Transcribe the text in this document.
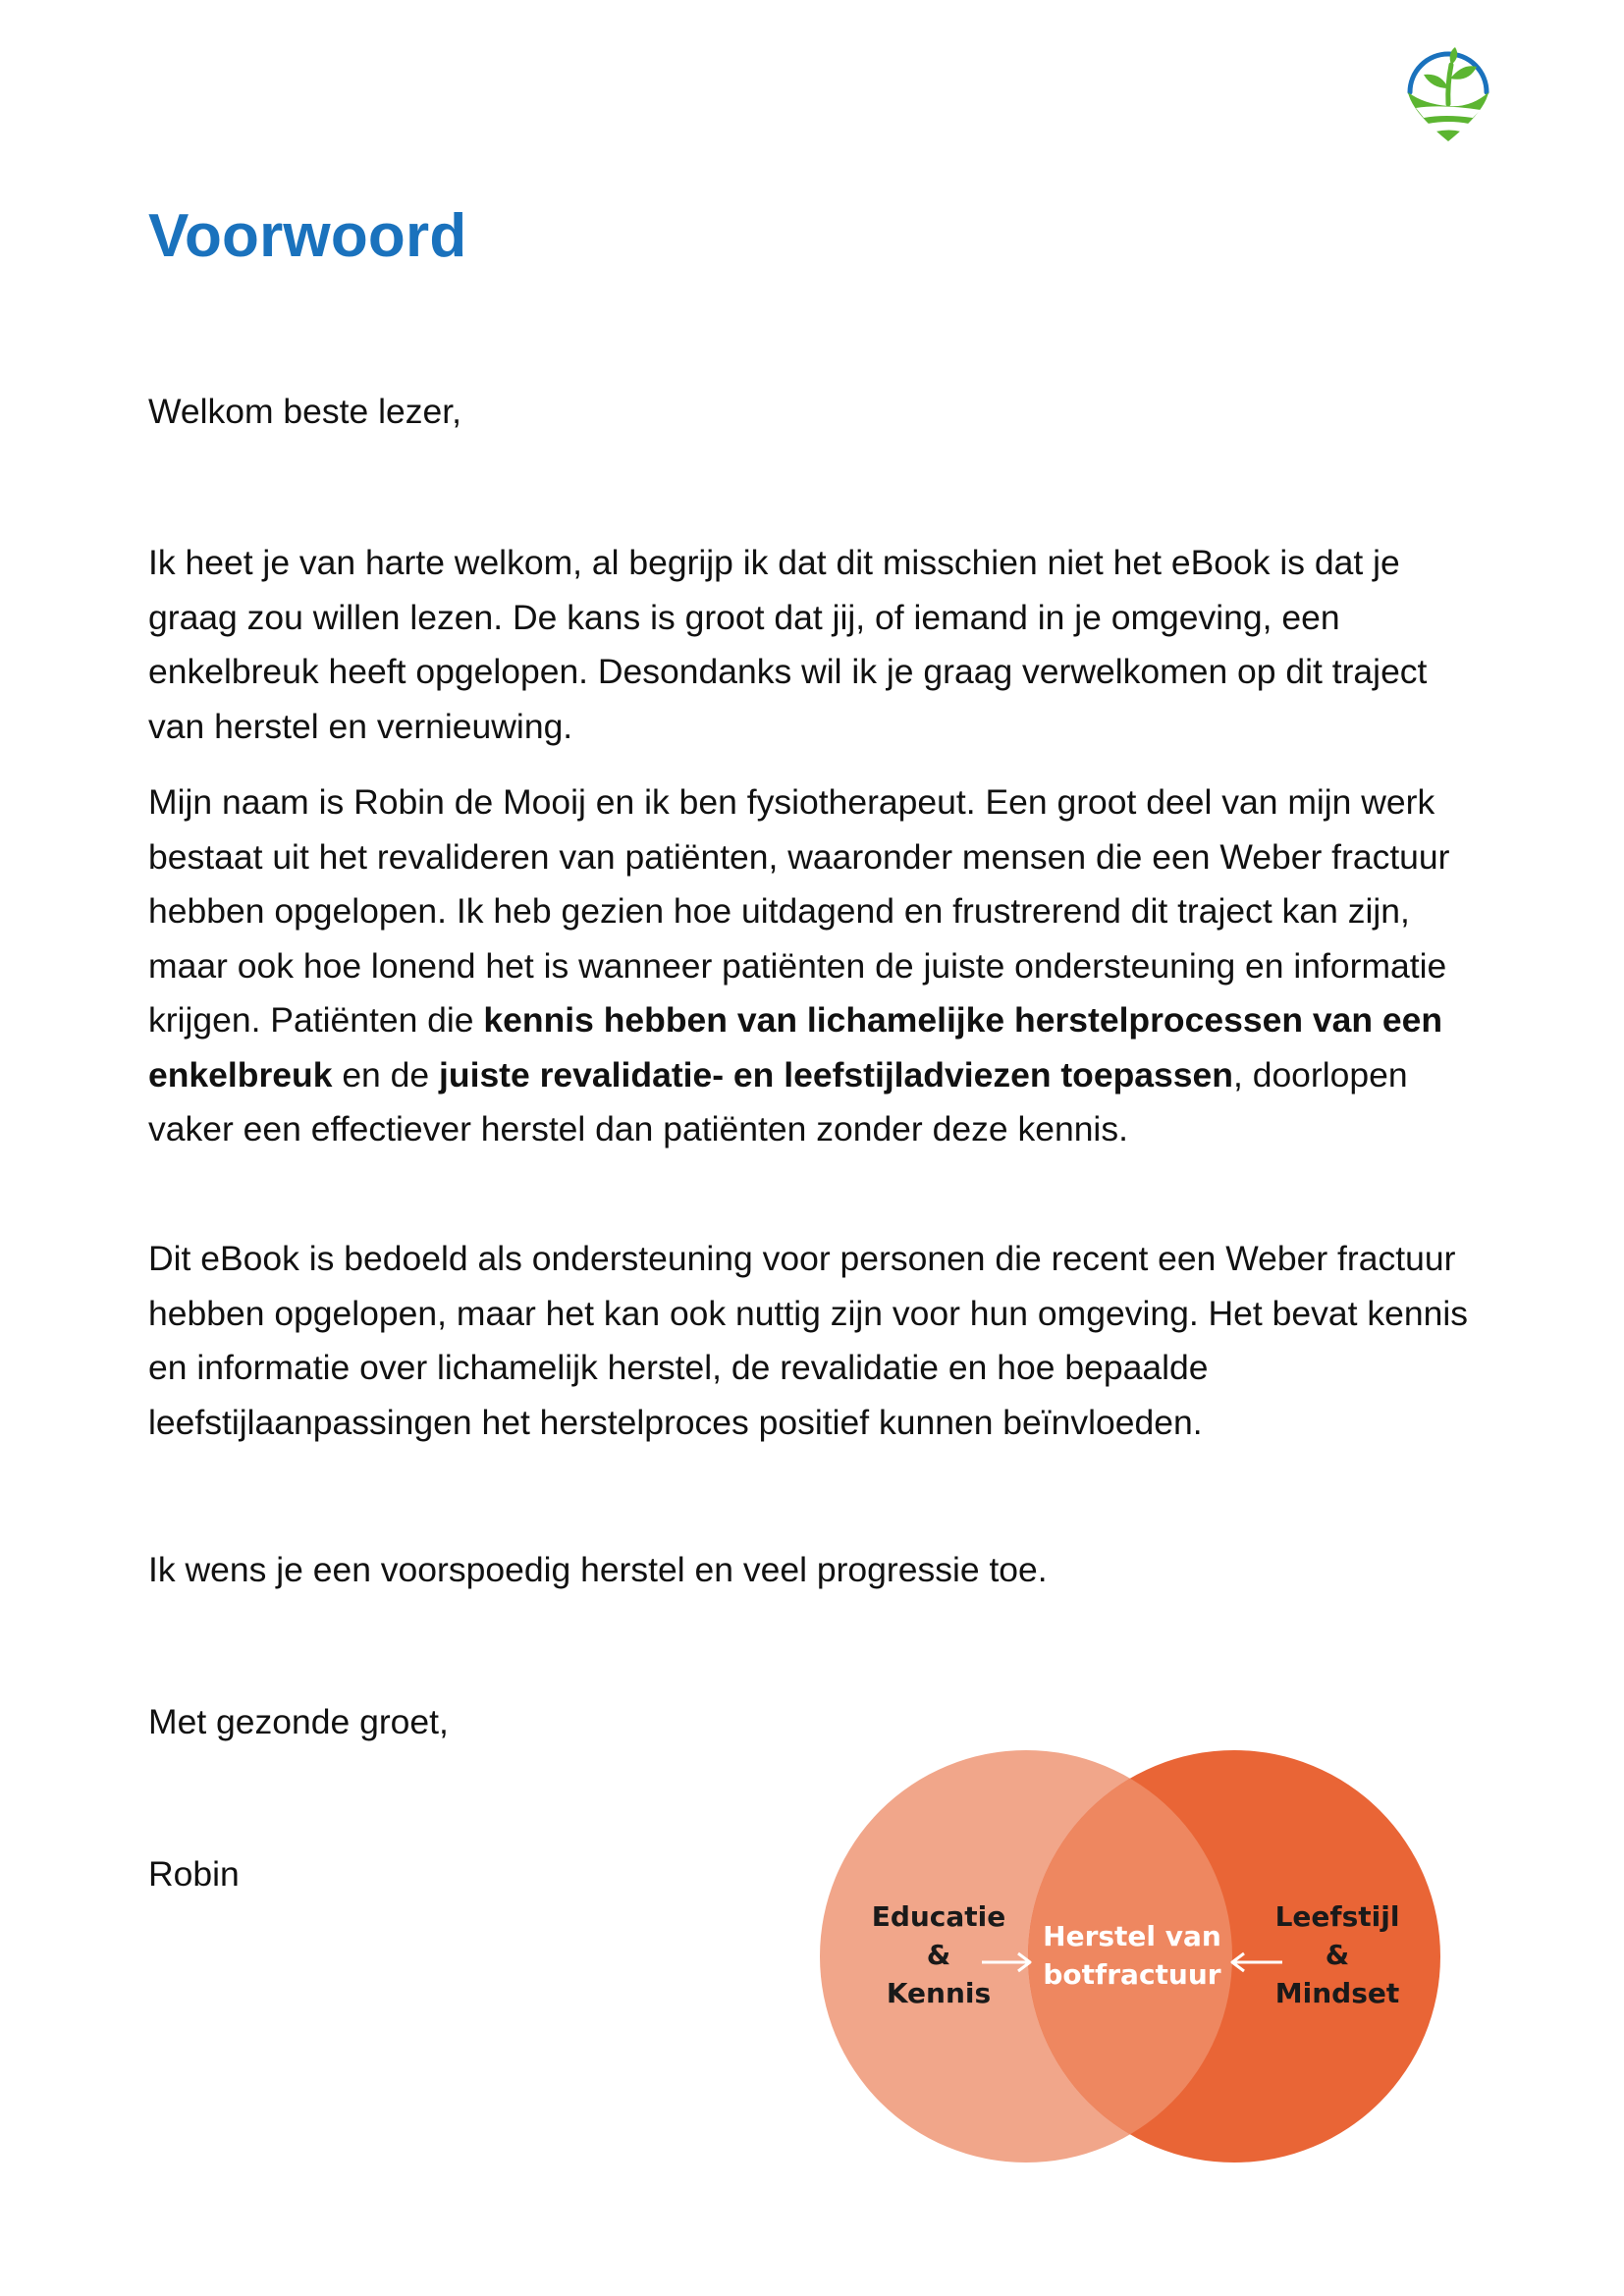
Voorwoord

Welkom beste lezer,

Ik heet je van harte welkom, al begrijp ik dat dit misschien niet het eBook is dat je graag zou willen lezen. De kans is groot dat jij, of iemand in je omgeving, een enkelbreuk heeft opgelopen. Desondanks wil ik je graag verwelkomen op dit traject van herstel en vernieuwing.

Mijn naam is Robin de Mooij en ik ben fysiotherapeut. Een groot deel van mijn werk bestaat uit het revalideren van patiënten, waaronder mensen die een Weber fractuur hebben opgelopen. Ik heb gezien hoe uitdagend en frustrerend dit traject kan zijn, maar ook hoe lonend het is wanneer patiënten de juiste ondersteuning en informatie krijgen. Patiënten die kennis hebben van lichamelijke herstelprocessen van een enkelbreuk en de juiste revalidatie- en leefstijladviezen toepassen, doorlopen vaker een effectiever herstel dan patiënten zonder deze kennis.

Dit eBook is bedoeld als ondersteuning voor personen die recent een Weber fractuur hebben opgelopen, maar het kan ook nuttig zijn voor hun omgeving. Het bevat kennis en informatie over lichamelijk herstel, de revalidatie en hoe bepaalde leefstijlaanpassingen het herstelproces positief kunnen beïnvloeden.

Ik wens je een voorspoedig herstel en veel progressie toe.

Met gezonde groet,

Robin

Educatie
&
Kennis
Herstel van
botfractuur
Leefstijl
&
Mindset
